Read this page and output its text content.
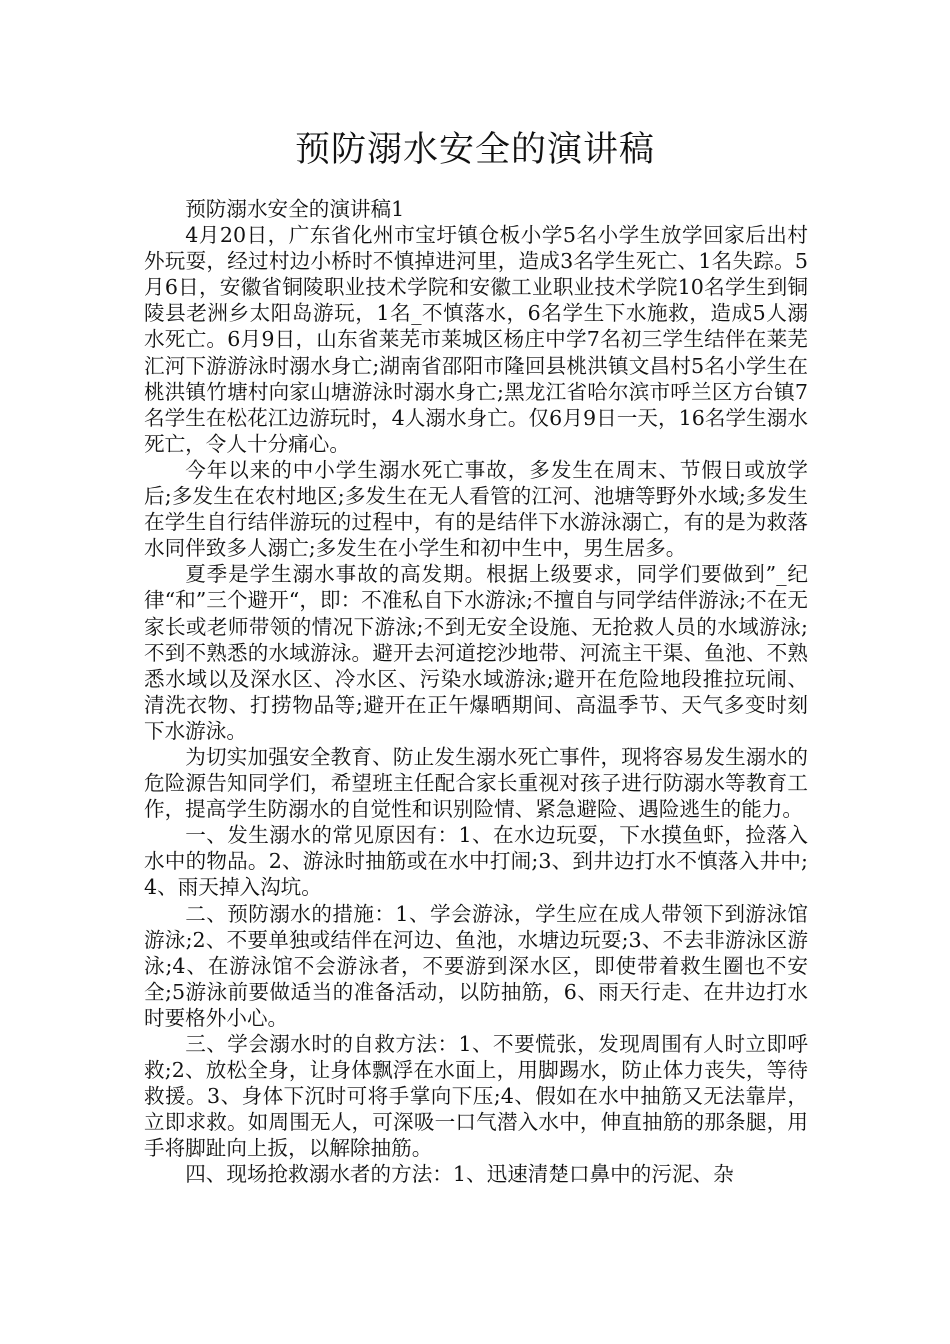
预防溺水安全的演讲稿

预防溺水安全的演讲稿1

4月20日，广东省化州市宝圩镇仓板小学5名小学生放学回家后出村外玩耍，经过村边小桥时不慎掉进河里，造成3名学生死亡、1名失踪。5月6日，安徽省铜陵职业技术学院和安徽工业职业技术学院10名学生到铜陵县老洲乡太阳岛游玩，1名_不慎落水，6名学生下水施救，造成5人溺水死亡。6月9日，山东省莱芜市莱城区杨庄中学7名初三学生结伴在莱芜汇河下游游泳时溺水身亡;湖南省邵阳市隆回县桃洪镇文昌村5名小学生在桃洪镇竹塘村向家山塘游泳时溺水身亡;黑龙江省哈尔滨市呼兰区方台镇7名学生在松花江边游玩时，4人溺水身亡。仅6月9日一天，16名学生溺水死亡，令人十分痛心。

今年以来的中小学生溺水死亡事故，多发生在周末、节假日或放学后;多发生在农村地区;多发生在无人看管的江河、池塘等野外水域;多发生在学生自行结伴游玩的过程中，有的是结伴下水游泳溺亡，有的是为救落水同伴致多人溺亡;多发生在小学生和初中生中，男生居多。

夏季是学生溺水事故的高发期。根据上级要求，同学们要做到”_纪律“和”三个避开“，即：不准私自下水游泳;不擅自与同学结伴游泳;不在无家长或老师带领的情况下游泳;不到无安全设施、无抢救人员的水域游泳;不到不熟悉的水域游泳。避开去河道挖沙地带、河流主干渠、鱼池、不熟悉水域以及深水区、冷水区、污染水域游泳;避开在危险地段推拉玩闹、清洗衣物、打捞物品等;避开在正午爆晒期间、高温季节、天气多变时刻下水游泳。

为切实加强安全教育、防止发生溺水死亡事件，现将容易发生溺水的危险源告知同学们，希望班主任配合家长重视对孩子进行防溺水等教育工作，提高学生防溺水的自觉性和识别险情、紧急避险、遇险逃生的能力。

一、发生溺水的常见原因有：1、在水边玩耍，下水摸鱼虾，捡落入水中的物品。2、游泳时抽筋或在水中打闹;3、到井边打水不慎落入井中;4、雨天掉入沟坑。

二、预防溺水的措施：1、学会游泳，学生应在成人带领下到游泳馆游泳;2、不要单独或结伴在河边、鱼池，水塘边玩耍;3、不去非游泳区游泳;4、在游泳馆不会游泳者，不要游到深水区，即使带着救生圈也不安全;5游泳前要做适当的准备活动，以防抽筋，6、雨天行走、在井边打水时要格外小心。

三、学会溺水时的自救方法：1、不要慌张，发现周围有人时立即呼救;2、放松全身，让身体飘浮在水面上，用脚踢水，防止体力丧失，等待救援。3、身体下沉时可将手掌向下压;4、假如在水中抽筋又无法靠岸，立即求救。如周围无人，可深吸一口气潜入水中，伸直抽筋的那条腿，用手将脚趾向上扳，以解除抽筋。

四、现场抢救溺水者的方法：1、迅速清楚口鼻中的污泥、杂
